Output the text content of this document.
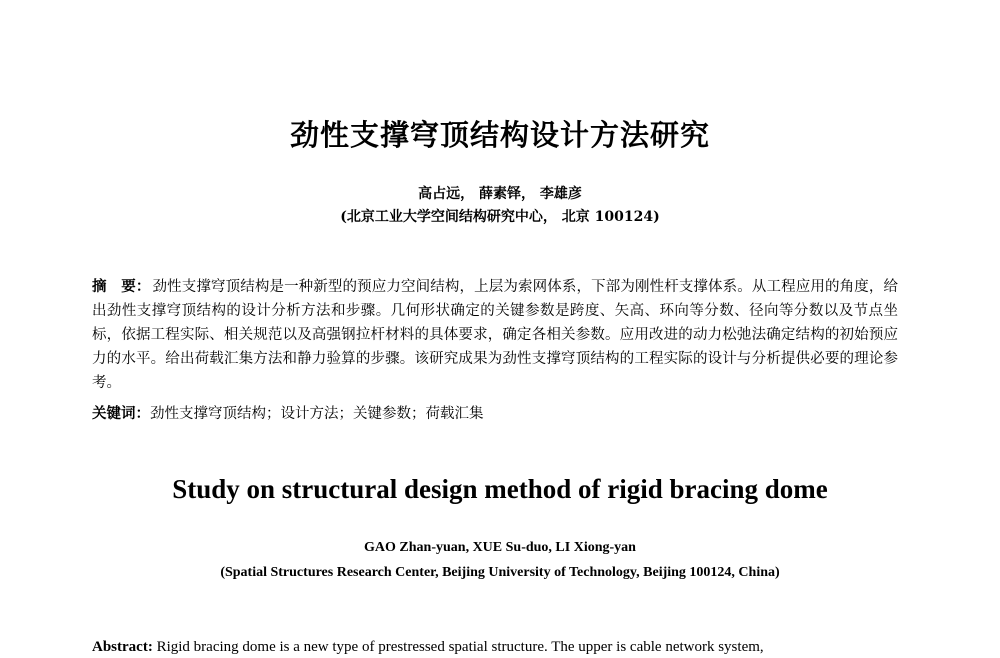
劲性支撑穹顶结构设计方法研究
高占远， 薛素铎， 李雄彦
(北京工业大学空间结构研究中心， 北京 100124)
摘　要： 劲性支撑穹顶结构是一种新型的预应力空间结构，上层为索网体系，下部为刚性杆支撑体系。从工程应用的角度，给出劲性支撑穹顶结构的设计分析方法和步骤。几何形状确定的关键参数是跨度、矢高、环向等分数、径向等分数以及节点坐标，依据工程实际、相关规范以及高强钢拉杆材料的具体要求，确定各相关参数。应用改进的动力松弛法确定结构的初始预应力的水平。给出荷载汇集方法和静力验算的步骤。该研究成果为劲性支撑穹顶结构的工程实际的设计与分析提供必要的理论参考。
关键词：劲性支撑穹顶结构；设计方法；关键参数；荷载汇集
Study on structural design method of rigid bracing dome
GAO Zhan-yuan, XUE Su-duo, LI Xiong-yan
(Spatial Structures Research Center, Beijing University of Technology, Beijing 100124, China)
Abstract: Rigid bracing dome is a new type of prestressed spatial structure. The upper is cable network system,
